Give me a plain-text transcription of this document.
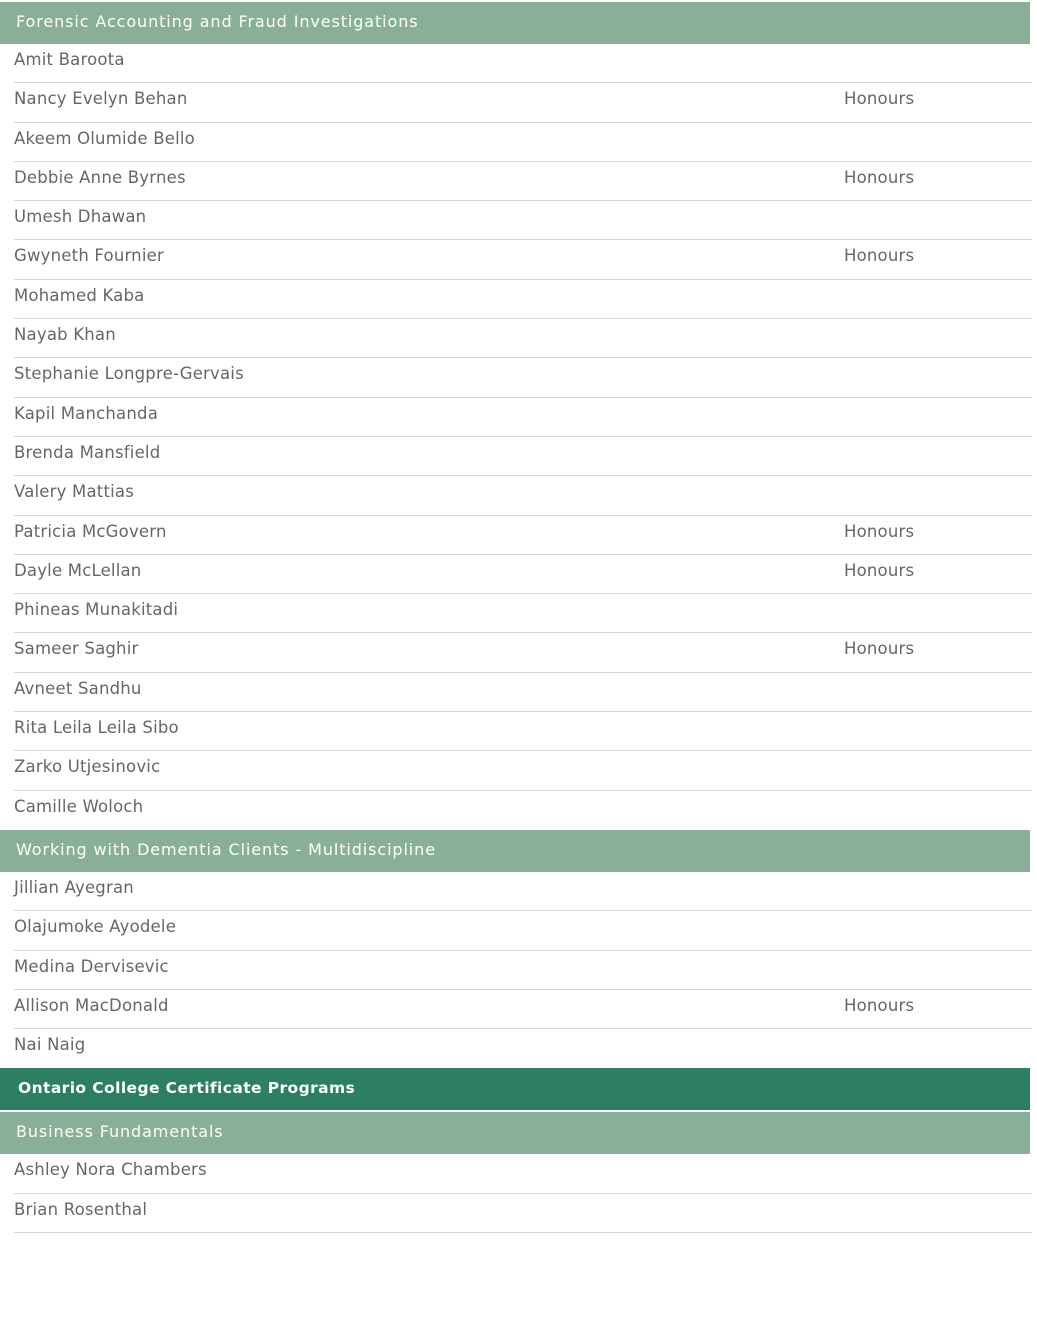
Forensic Accounting and Fraud Investigations
Amit Baroota
Nancy Evelyn Behan	Honours
Akeem Olumide Bello
Debbie Anne Byrnes	Honours
Umesh Dhawan
Gwyneth Fournier	Honours
Mohamed Kaba
Nayab Khan
Stephanie Longpre-Gervais
Kapil Manchanda
Brenda Mansfield
Valery Mattias
Patricia McGovern	Honours
Dayle McLellan	Honours
Phineas Munakitadi
Sameer Saghir	Honours
Avneet Sandhu
Rita Leila Leila Sibo
Zarko Utjesinovic
Camille Woloch
Working with Dementia Clients - Multidiscipline
Jillian Ayegran
Olajumoke Ayodele
Medina Dervisevic
Allison MacDonald	Honours
Nai Naig
Ontario College Certificate Programs
Business Fundamentals
Ashley Nora Chambers
Brian Rosenthal
